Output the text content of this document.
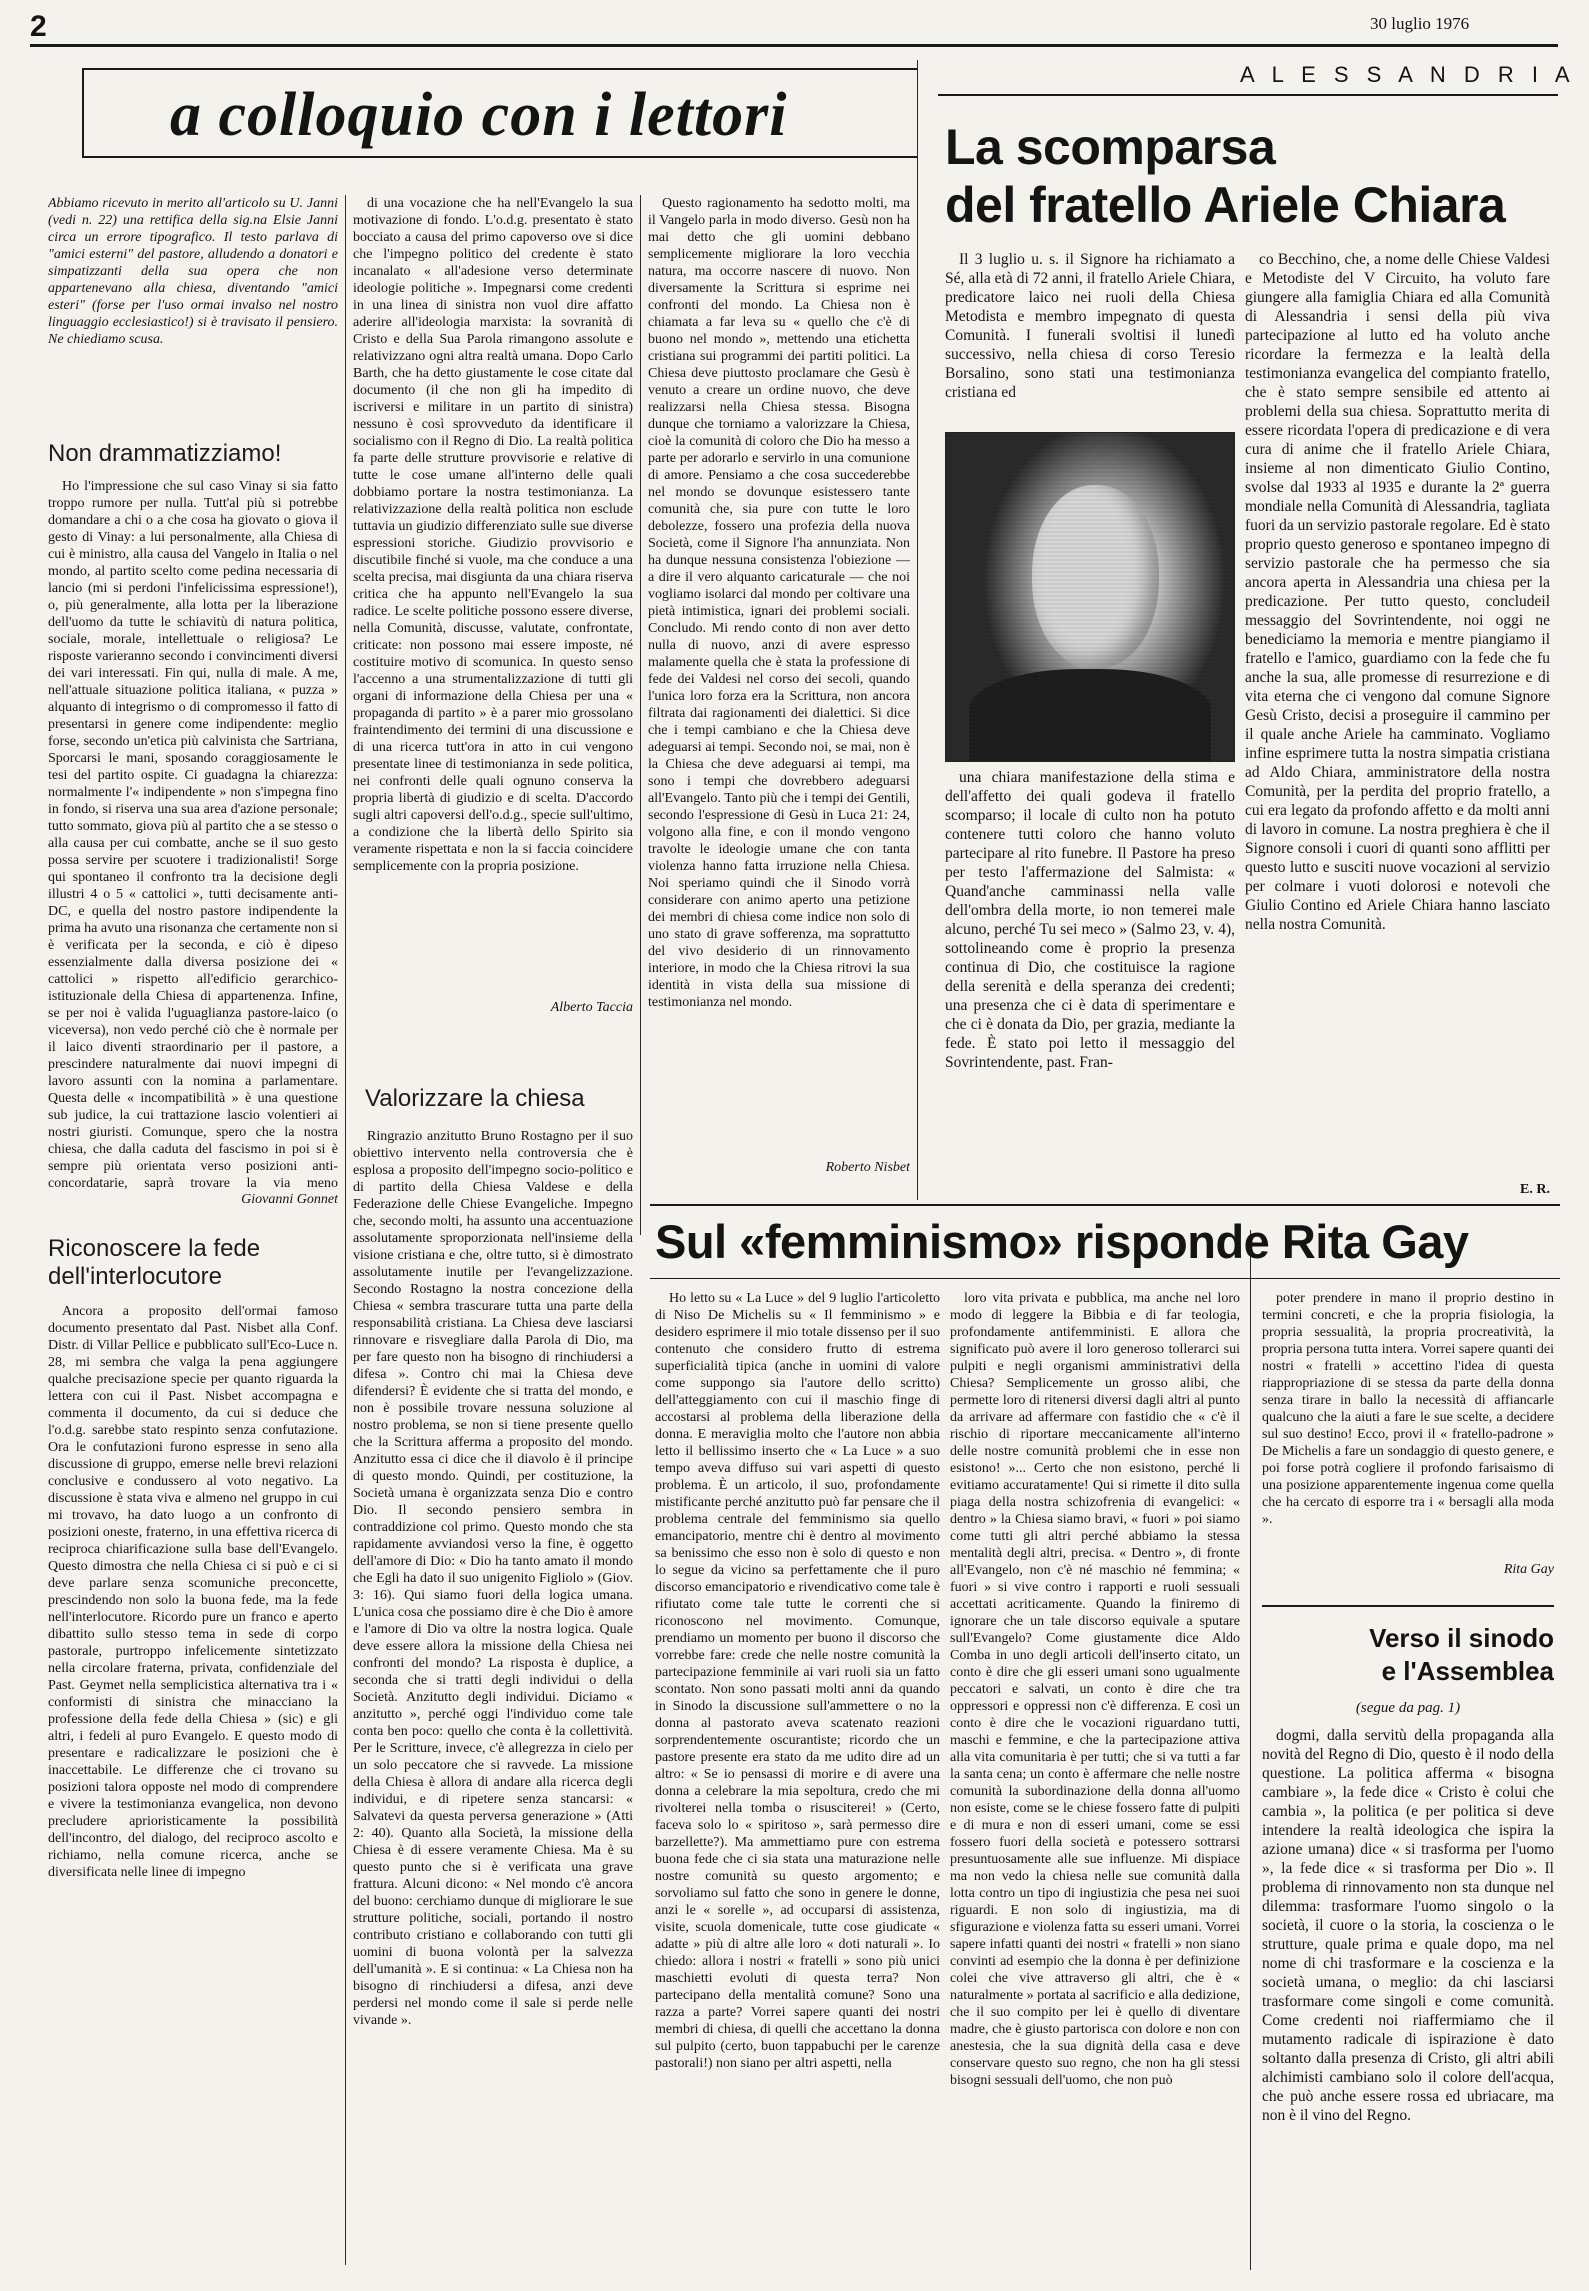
2	30 luglio 1976
a colloquio con i lettori
Abbiamo ricevuto in merito all'articolo su U. Janni (vedi n. 22) una rettifica della sig.na Elsie Janni circa un errore tipografico. Il testo parlava di "amici esterni" del pastore, alludendo a donatori e simpatizzanti della sua opera che non appartenevano alla chiesa, diventando "amici esteri" (forse per l'uso ormai invalso nel nostro linguaggio ecclesiastico!) si è travisato il pensiero. Ne chiediamo scusa.
Non drammatizziamo!

Ho l'impressione che sul caso Vinay si sia fatto troppo rumore per nulla. Tutt'al più si potrebbe domandare a chi o a che cosa ha giovato o giova il gesto di Vinay: a lui personalmente, alla Chiesa di cui è ministro, alla causa del Vangelo in Italia o nel mondo, al partito scelto come pedina necessaria di lancio (mi si perdoni l'infelicissima espressione!), o, più generalmente, alla lotta per la liberazione dell'uomo da tutte le schiavitù di natura politica, sociale, morale, intellettuale o religiosa? Le risposte varieranno secondo i convincimenti diversi dei vari interessati. Fin qui, nulla di male. A me, nell'attuale situazione politica italiana, « puzza » alquanto di integrismo o di compromesso il fatto di presentarsi in genere come indipendente: meglio forse, secondo un'etica più calvinista che Sartriana, Sporcarsi le mani, sposando coraggiosamente le tesi del partito ospite. Ci guadagna la chiarezza: normalmente l'« indipendente » non s'impegna fino in fondo, si riserva una sua area d'azione personale; tutto sommato, giova più al partito che a se stesso o alla causa per cui combatte, anche se il suo gesto possa servire per scuotere i tradizionalisti! Sorge qui spontaneo il confronto tra la decisione degli illustri 4 o 5 « cattolici », tutti decisamente anti-DC, e quella del nostro pastore indipendente la prima ha avuto una risonanza che certamente non si è verificata per la seconda, e ciò è dipeso essenzialmente dalla diversa posizione dei « cattolici » rispetto all'edificio gerarchico-istituzionale della Chiesa di appartenenza. Infine, se per noi è valida l'uguaglianza pastore-laico (o viceversa), non vedo perché ciò che è normale per il laico diventi straordinario per il pastore, a prescindere naturalmente dai nuovi impegni di lavoro assunti con la nomina a parlamentare. Questa delle « incompatibilità » è una questione sub judice, la cui trattazione lascio volentieri ai nostri giuristi. Comunque, spero che la nostra chiesa, che dalla caduta del fascismo in poi si è sempre più orientata verso posizioni anti-concordatarie, saprà trovare la via meno

Giovanni Gonnet
Riconoscere la fede dell'interlocutore

Ancora a proposito dell'ormai famoso documento presentato dal Past. Nisbet alla Conf. Distr. di Villar Pellice e pubblicato sull'Eco-Luce n. 28, mi sembra che valga la pena aggiungere qualche precisazione specie per quanto riguarda la lettera con cui il Past. Nisbet accompagna e commenta il documento, da cui si deduce che l'o.d.g. sarebbe stato respinto senza confutazione. Ora le confutazioni furono espresse in seno alla discussione di gruppo, emerse nelle brevi relazioni conclusive e condussero al voto negativo. La discussione è stata viva e almeno nel gruppo in cui mi trovavo, ha dato luogo a un confronto di posizioni oneste, fraterno, in una effettiva ricerca di reciproca chiarificazione sulla base dell'Evangelo. Questo dimostra che nella Chiesa ci si può e ci si deve parlare senza scomuniche preconcette, prescindendo non solo la buona fede, ma la fede nell'interlocutore. Ricordo pure un franco e aperto dibattito sullo stesso tema in sede di corpo pastorale, purtroppo infelicemente sintetizzato nella circolare fraterna, privata, confidenziale del Past. Geymet nella semplicistica alternativa tra i « conformisti di sinistra che minacciano la professione della fede della Chiesa » (sic) e gli altri, i fedeli al puro Evangelo. E questo modo di presentare e radicalizzare le posizioni che è inaccettabile. Le differenze che ci trovano su posizioni talora opposte nel modo di comprendere e vivere la testimonianza evangelica, non devono precludere aprioristicamente la possibilità dell'incontro, del dialogo, del reciproco ascolto e richiamo, nella comune ricerca, anche se diversificata nelle linee di impegno

di una vocazione che ha nell'Evangelo la sua motivazione di fondo. L'o.d.g. presentato è stato bocciato a causa del primo capoverso ove si dice che l'impegno politico del credente è stato incanalato « all'adesione verso determinate ideologie politiche ». Impegnarsi come credenti in una linea di sinistra non vuol dire affatto aderire all'ideologia marxista: la sovranità di Cristo e della Sua Parola rimangono assolute e relativizzano ogni altra realtà umana. Dopo Carlo Barth, che ha detto giustamente le cose citate dal documento (il che non gli ha impedito di iscriversi e militare in un partito di sinistra) nessuno è così sprovveduto da identificare il socialismo con il Regno di Dio. La realtà politica fa parte delle strutture provvisorie e relative di tutte le cose umane all'interno delle quali dobbiamo portare la nostra testimonianza. La relativizzazione della realtà politica non esclude tuttavia un giudizio differenziato sulle sue diverse espressioni storiche. Giudizio provvisorio e discutibile finché si vuole, ma che conduce a una scelta precisa, mai disgiunta da una chiara riserva critica che ha appunto nell'Evangelo la sua radice. Le scelte politiche possono essere diverse, nella Comunità, discusse, valutate, confrontate, criticate: non possono mai essere imposte, né costituire motivo di scomunica. In questo senso l'accenno a una strumentalizzazione di tutti gli organi di informazione della Chiesa per una « propaganda di partito » è a parer mio grossolano fraintendimento dei termini di una discussione e di una ricerca tutt'ora in atto in cui vengono presentate linee di testimonianza in sede politica, nei confronti delle quali ognuno conserva la propria libertà di giudizio e di scelta. D'accordo sugli altri capoversi dell'o.d.g., specie sull'ultimo, a condizione che la libertà dello Spirito sia veramente rispettata e non la si faccia coincidere semplicemente con la propria posizione.

Alberto Taccia
Valorizzare la chiesa

Ringrazio anzitutto Bruno Rostagno per il suo obiettivo intervento nella controversia che è esplosa a proposito dell'impegno socio-politico e di partito della Chiesa Valdese e della Federazione delle Chiese Evangeliche. Impegno che, secondo molti, ha assunto una accentuazione assolutamente sproporzionata nell'insieme della visione cristiana e che, oltre tutto, si è dimostrato assolutamente inutile per l'evangelizzazione. Secondo Rostagno la nostra concezione della Chiesa « sembra trascurare tutta una parte della responsabilità cristiana. La Chiesa deve lasciarsi rinnovare e risvegliare dalla Parola di Dio, ma per fare questo non ha bisogno di rinchiudersi a difesa ». Contro chi mai la Chiesa deve difendersi? È evidente che si tratta del mondo, e non è possibile trovare nessuna soluzione al nostro problema, se non si tiene presente quello che la Scrittura afferma a proposito del mondo. Anzitutto essa ci dice che il diavolo è il principe di questo mondo. Quindi, per costituzione, la Società umana è organizzata senza Dio e contro Dio. Il secondo pensiero sembra in contraddizione col primo. Questo mondo che sta rapidamente avviandosi verso la fine, è oggetto dell'amore di Dio: « Dio ha tanto amato il mondo che Egli ha dato il suo unigenito Figliolo » (Giov. 3: 16). Qui siamo fuori della logica umana. L'unica cosa che possiamo dire è che Dio è amore e l'amore di Dio va oltre la nostra logica. Quale deve essere allora la missione della Chiesa nei confronti del mondo? La risposta è duplice, a seconda che si tratti degli individui o della Società. Anzitutto degli individui. Diciamo « anzitutto », perché oggi l'individuo come tale conta ben poco: quello che conta è la collettività. Per le Scritture, invece, c'è allegrezza in cielo per un solo peccatore che si ravvede. La missione della Chiesa è allora di andare alla ricerca degli individui, e di ripetere senza stancarsi: « Salvatevi da questa perversa generazione » (Atti 2: 40). Quanto alla Società, la missione della Chiesa è di essere veramente Chiesa. Ma è su questo punto che si è verificata una grave frattura. Alcuni dicono: « Nel mondo c'è ancora del buono: cerchiamo dunque di migliorare le sue strutture politiche, sociali, portando il nostro contributo cristiano e collaborando con tutti gli uomini di buona volontà per la salvezza dell'umanità ». E si continua: « La Chiesa non ha bisogno di rinchiudersi a difesa, anzi deve perdersi nel mondo come il sale si perde nelle vivande ».

Questo ragionamento ha sedotto molti, ma il Vangelo parla in modo diverso. Gesù non ha mai detto che gli uomini debbano semplicemente migliorare la loro vecchia natura, ma occorre nascere di nuovo. Non diversamente la Scrittura si esprime nei confronti del mondo. La Chiesa non è chiamata a far leva su « quello che c'è di buono nel mondo », mettendo una etichetta cristiana sui programmi dei partiti politici. La Chiesa deve piuttosto proclamare che Gesù è venuto a creare un ordine nuovo, che deve realizzarsi nella Chiesa stessa. Bisogna dunque che torniamo a valorizzare la Chiesa, cioè la comunità di coloro che Dio ha messo a parte per adorarlo e servirlo in una comunione di amore. Pensiamo a che cosa succederebbe nel mondo se dovunque esistessero tante comunità che, sia pure con tutte le loro debolezze, fossero una profezia della nuova Società, come il Signore l'ha annunziata. Non ha dunque nessuna consistenza l'obiezione — a dire il vero alquanto caricaturale — che noi vogliamo isolarci dal mondo per coltivare una pietà intimistica, ignari dei problemi sociali. Concludo. Mi rendo conto di non aver detto nulla di nuovo, anzi di avere espresso malamente quella che è stata la professione di fede dei Valdesi nel corso dei secoli, quando l'unica loro forza era la Scrittura, non ancora filtrata dai ragionamenti dei dialettici. Si dice che i tempi cambiano e che la Chiesa deve adeguarsi ai tempi. Secondo noi, se mai, non è la Chiesa che deve adeguarsi ai tempi, ma sono i tempi che dovrebbero adeguarsi all'Evangelo. Tanto più che i tempi dei Gentili, secondo l'espressione di Gesù in Luca 21: 24, volgono alla fine, e con il mondo vengono travolte le ideologie umane che con tanta violenza hanno fatta irruzione nella Chiesa. Noi speriamo quindi che il Sinodo vorrà considerare con animo aperto una petizione dei membri di chiesa come indice non solo di uno stato di grave sofferenza, ma soprattutto del vivo desiderio di un rinnovamento interiore, in modo che la Chiesa ritrovi la sua identità in vista della sua missione di testimonianza nel mondo.

Roberto Nisbet
A L E S S A N D R I A
La scomparsa
del fratello Ariele Chiara

Il 3 luglio u. s. il Signore ha richiamato a Sé, alla età di 72 anni, il fratello Ariele Chiara, predicatore laico nei ruoli della Chiesa Metodista e membro impegnato di questa Comunità. I funerali svoltisi il lunedì successivo, nella chiesa di corso Teresio Borsalino, sono stati una testimonianza cristiana ed

una chiara manifestazione della stima e dell'affetto dei quali godeva il fratello scomparso; il locale di culto non ha potuto contenere tutti coloro che hanno voluto partecipare al rito funebre. Il Pastore ha preso per testo l'affermazione del Salmista: « Quand'anche camminassi nella valle dell'ombra della morte, io non temerei male alcuno, perché Tu sei meco » (Salmo 23, v. 4), sottolineando come è proprio la presenza continua di Dio, che costituisce la ragione della serenità e della speranza dei credenti; una presenza che ci è data di sperimentare e che ci è donata da Dio, per grazia, mediante la fede. È stato poi letto il messaggio del Sovrintendente, past. Fran-

co Becchino, che, a nome delle Chiese Valdesi e Metodiste del V Circuito, ha voluto fare giungere alla famiglia Chiara ed alla Comunità di Alessandria i sensi della più viva partecipazione al lutto ed ha voluto anche ricordare la fermezza e la lealtà della testimonianza evangelica del compianto fratello, che è stato sempre sensibile ed attento ai problemi della sua chiesa. Soprattutto merita di essere ricordata l'opera di predicazione e di vera cura di anime che il fratello Ariele Chiara, insieme al non dimenticato Giulio Contino, svolse dal 1933 al 1935 e durante la 2ª guerra mondiale nella Comunità di Alessandria, tagliata fuori da un servizio pastorale regolare. Ed è stato proprio questo generoso e spontaneo impegno di servizio pastorale che ha permesso che sia ancora aperta in Alessandria una chiesa per la predicazione. Per tutto questo, concludeil messaggio del Sovrintendente, noi oggi ne benediciamo la memoria e mentre piangiamo il fratello e l'amico, guardiamo con la fede che fu anche la sua, alle promesse di resurrezione e di vita eterna che ci vengono dal comune Signore Gesù Cristo, decisi a proseguire il cammino per il quale anche Ariele ha camminato. Vogliamo infine esprimere tutta la nostra simpatia cristiana ad Aldo Chiara, amministratore della nostra Comunità, per la perdita del proprio fratello, a cui era legato da profondo affetto e da molti anni di lavoro in comune. La nostra preghiera è che il Signore consoli i cuori di quanti sono afflitti per questo lutto e susciti nuove vocazioni al servizio per colmare i vuoti dolorosi e notevoli che Giulio Contino ed Ariele Chiara hanno lasciato nella nostra Comunità.

E. R.
Sul «femminismo» risponde Rita Gay

Ho letto su « La Luce » del 9 luglio l'articoletto di Niso De Michelis su « Il femminismo » e desidero esprimere il mio totale dissenso per il suo contenuto che considero frutto di estrema superficialità tipica (anche in uomini di valore come suppongo sia l'autore dello scritto) dell'atteggiamento con cui il maschio finge di accostarsi al problema della liberazione della donna. E meraviglia molto che l'autore non abbia letto il bellissimo inserto che « La Luce » a suo tempo aveva diffuso sui vari aspetti di questo problema. È un articolo, il suo, profondamente mistificante perché anzitutto può far pensare che il problema centrale del femminismo sia quello emancipatorio, mentre chi è dentro al movimento sa benissimo che esso non è solo di questo e non lo segue da vicino sa perfettamente che il puro discorso emancipatorio e rivendicativo come tale è rifiutato come tale tutte le correnti che si riconoscono nel movimento. Comunque, prendiamo un momento per buono il discorso che vorrebbe fare: crede che nelle nostre comunità la partecipazione femminile ai vari ruoli sia un fatto scontato. Non sono passati molti anni da quando in Sinodo la discussione sull'ammettere o no la donna al pastorato aveva scatenato reazioni sorprendentemente oscurantiste; ricordo che un pastore presente era stato da me udito dire ad un altro: « Se io pensassi di morire e di avere una donna a celebrare la mia sepoltura, credo che mi rivolterei nella tomba o risusciterei! » (Certo, faceva solo lo « spiritoso », sarà permesso dire barzellette?). Ma ammettiamo pure con estrema buona fede che ci sia stata una maturazione nelle nostre comunità su questo argomento; e sorvoliamo sul fatto che sono in genere le donne, anzi le « sorelle », ad occuparsi di assistenza, visite, scuola domenicale, tutte cose giudicate « adatte » più di altre alle loro « doti naturali ». Io chiedo: allora i nostri « fratelli » sono più unici maschietti evoluti di questa terra? Non partecipano della mentalità comune? Sono una razza a parte? Vorrei sapere quanti dei nostri membri di chiesa, di quelli che accettano la donna sul pulpito (certo, buon tappabuchi per le carenze pastorali!) non siano per altri aspetti, nella

loro vita privata e pubblica, ma anche nel loro modo di leggere la Bibbia e di far teologia, profondamente antifemministi. E allora che significato può avere il loro generoso tollerarci sui pulpiti e negli organismi amministrativi della Chiesa? Semplicemente un grosso alibi, che permette loro di ritenersi diversi dagli altri al punto da arrivare ad affermare con fastidio che « c'è il rischio di riportare meccanicamente all'interno delle nostre comunità problemi che in esse non esistono! »... Certo che non esistono, perché li evitiamo accuratamente! Qui si rimette il dito sulla piaga della nostra schizofrenia di evangelici: « dentro » la Chiesa siamo bravi, « fuori » poi siamo come tutti gli altri perché abbiamo la stessa mentalità degli altri, precisa. « Dentro », di fronte all'Evangelo, non c'è né maschio né femmina; « fuori » si vive contro i rapporti e ruoli sessuali accettati acriticamente. Quando la finiremo di ignorare che un tale discorso equivale a sputare sull'Evangelo? Come giustamente dice Aldo Comba in uno degli articoli dell'inserto citato, un conto è dire che gli esseri umani sono ugualmente peccatori e salvati, un conto è dire che tra oppressori e oppressi non c'è differenza. E così un conto è dire che le vocazioni riguardano tutti, maschi e femmine, e che la partecipazione attiva alla vita comunitaria è per tutti; che si va tutti a far la santa cena; un conto è affermare che nelle nostre comunità la subordinazione della donna all'uomo non esiste, come se le chiese fossero fatte di pulpiti e di mura e non di esseri umani, come se essi fossero fuori della società e potessero sottrarsi presuntuosamente alle sue influenze. Mi dispiace ma non vedo la chiesa nelle sue comunità dalla lotta contro un tipo di ingiustizia che pesa nei suoi riguardi. E non solo di ingiustizia, ma di sfigurazione e violenza fatta su esseri umani. Vorrei sapere infatti quanti dei nostri « fratelli » non siano convinti ad esempio che la donna è per definizione colei che vive attraverso gli altri, che è « naturalmente » portata al sacrificio e alla dedizione, che il suo compito per lei è quello di diventare madre, che è giusto partorisca con dolore e non con anestesia, che la sua dignità della casa e deve conservare questo suo regno, che non ha gli stessi bisogni sessuali dell'uomo, che non può

poter prendere in mano il proprio destino in termini concreti, e che la propria fisiologia, la propria sessualità, la propria procreatività, la propria persona tutta intera. Vorrei sapere quanti dei nostri « fratelli » accettino l'idea di questa riappropriazione di se stessa da parte della donna senza tirare in ballo la necessità di affiancarle qualcuno che la aiuti a fare le sue scelte, a decidere sul suo destino! Ecco, provi il « fratello-padrone » De Michelis a fare un sondaggio di questo genere, e poi forse potrà cogliere il profondo farisaismo di una posizione apparentemente ingenua come quella che ha cercato di esporre tra i « bersagli alla moda ».

Rita Gay
Verso il sinodo
e l'Assemblea
(segue da pag. 1)

dogmi, dalla servitù della propaganda alla novità del Regno di Dio, questo è il nodo della questione. La politica afferma « bisogna cambiare », la fede dice « Cristo è colui che cambia », la politica (e per politica si deve intendere la realtà ideologica che ispira la azione umana) dice « si trasforma per l'uomo », la fede dice « si trasforma per Dio ». Il problema di rinnovamento non sta dunque nel dilemma: trasformare l'uomo singolo o la società, il cuore o la storia, la coscienza o le strutture, quale prima e quale dopo, ma nel nome di chi trasformare e la coscienza e la società umana, o meglio: da chi lasciarsi trasformare come singoli e come comunità. Come credenti noi riaffermiamo che il mutamento radicale di ispirazione è dato soltanto dalla presenza di Cristo, gli altri abili alchimisti cambiano solo il colore dell'acqua, che può anche essere rossa ed ubriacare, ma non è il vino del Regno.
